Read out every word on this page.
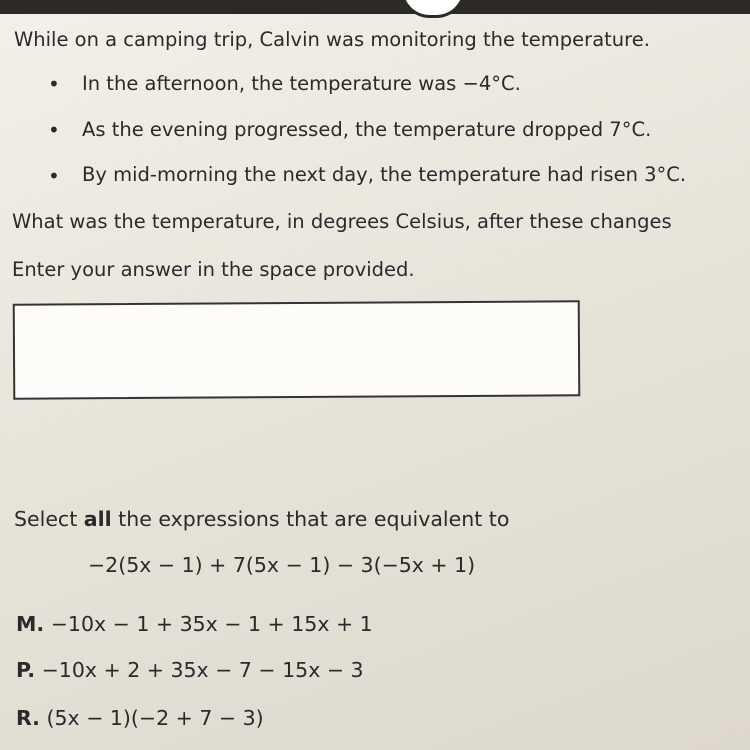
While on a camping trip, Calvin was monitoring the temperature.
• In the afternoon, the temperature was −4°C.
• As the evening progressed, the temperature dropped 7°C.
• By mid-morning the next day, the temperature had risen 3°C.
What was the temperature, in degrees Celsius, after these changes
Enter your answer in the space provided.
Select all the expressions that are equivalent to
−2(5x − 1) + 7(5x − 1) − 3(−5x + 1)
M. −10x − 1 + 35x − 1 + 15x + 1
P. −10x + 2 + 35x − 7 − 15x − 3
R. (5x − 1)(−2 + 7 − 3)
